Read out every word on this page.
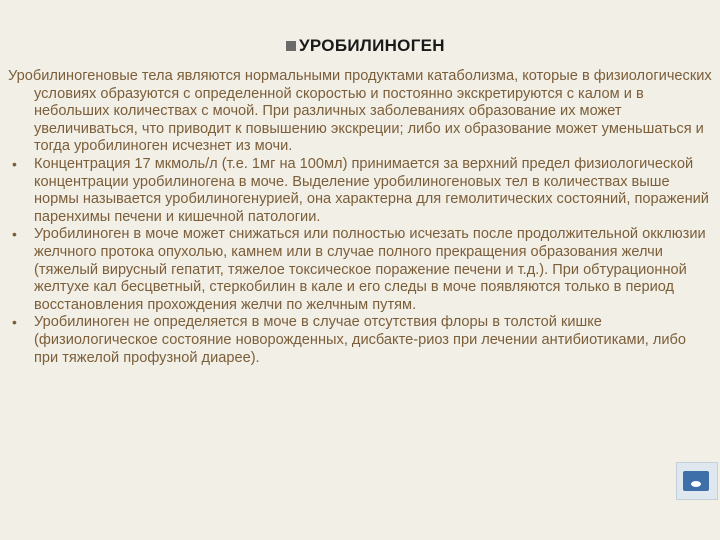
УРОБИЛИНОГЕН

Уробилиногеновые тела являются нормальными продуктами катаболизма, которые в физиологических условиях образуются с определенной скоростью и постоянно экскретируются с калом и в небольших количествах с мочой. При различных заболеваниях образование их может увеличиваться, что приводит к повышению экскреции; либо их образование может уменьшаться и тогда уробилиноген исчезнет из мочи.

• Концентрация 17 мкмоль/л (т.е. 1мг на 100мл) принимается за верхний предел физиологической концентрации уробилиногена в моче. Выделение уробилиногеновых тел в количествах выше нормы называется уробилиногенурией, она характерна для гемолитических состояний, поражений паренхимы печени и кишечной патологии.
• Уробилиноген в моче может снижаться или полностью исчезать после продолжительной окклюзии желчного протока опухолью, камнем или в случае полного прекращения образования желчи (тяжелый вирусный гепатит, тяжелое токсическое поражение печени и т.д.). При обтурационной желтухе кал бесцветный, стеркобилин в кале и его следы в моче появляются только в период восстановления прохождения желчи по желчным путям.
• Уробилиноген не определяется в моче в случае отсутствия флоры в толстой кишке (физиологическое состояние новорожденных, дисбакте-риоз при лечении антибиотиками, либо при тяжелой профузной диарее).
